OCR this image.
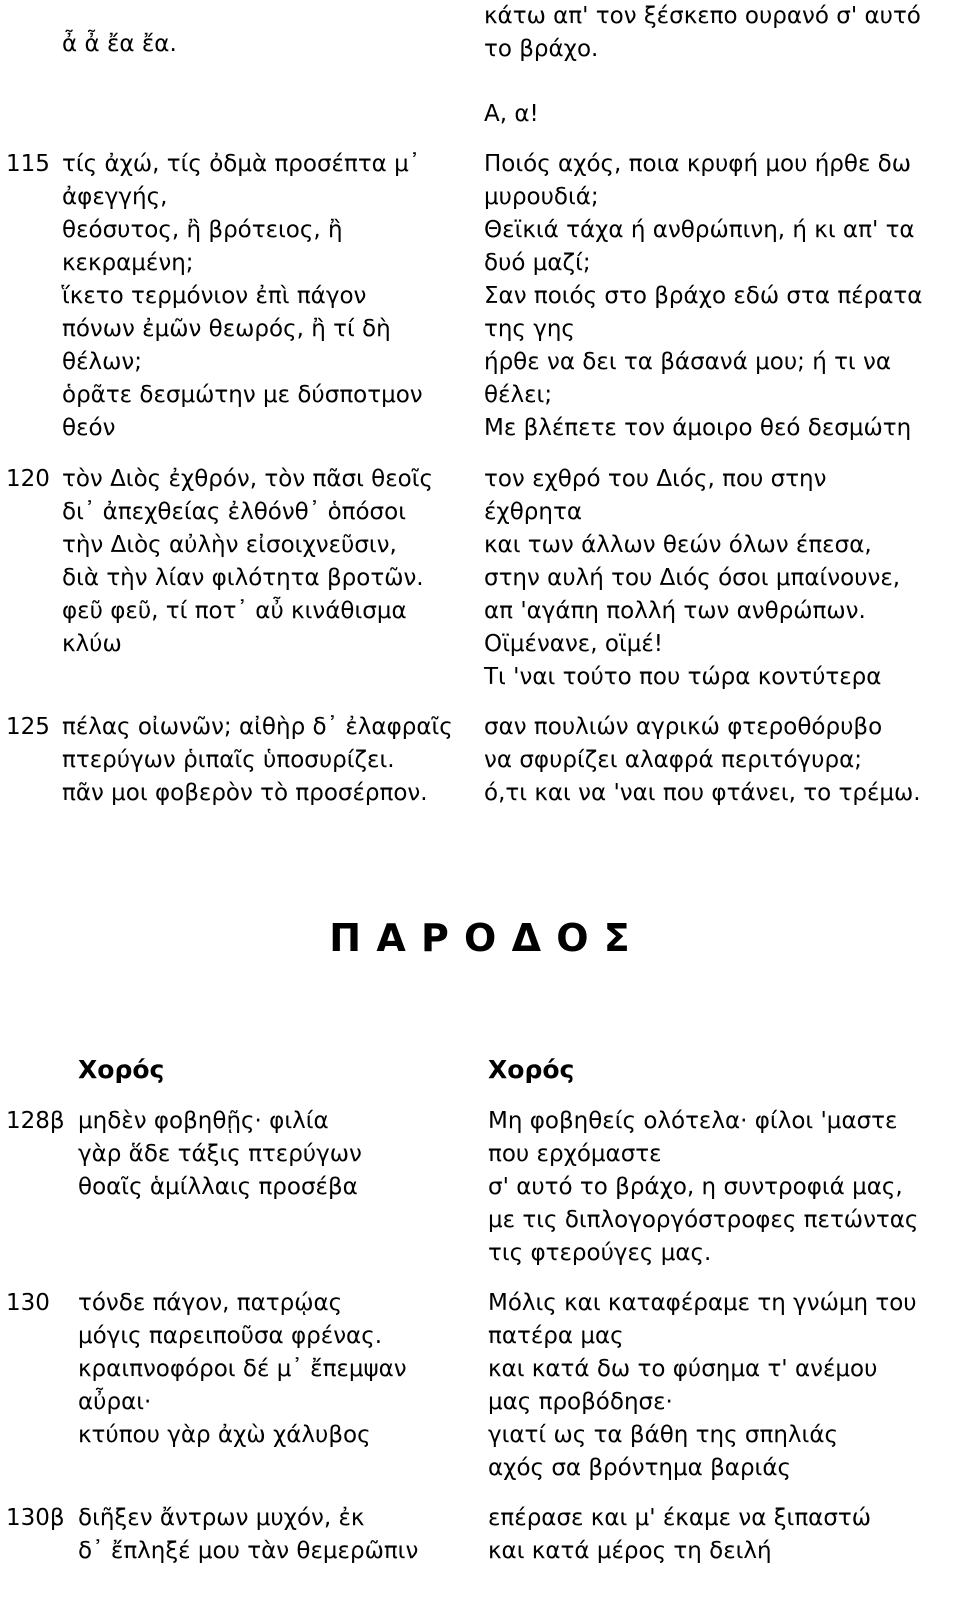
ἆ ἆ ἔα ἔα.
κάτω απ' τον ξέσκεπο ουρανό σ' αυτό
το βράχο.
Α, α!
115 τίς ἀχώ, τίς ὀδμὰ προσέπτα μ᾽
ἀφεγγής,
θεόσυτος, ἢ βρότειος, ἢ
κεκραμένη;
ἵκετο τερμόνιον ἐπὶ πάγον
πόνων ἐμῶν θεωρός, ἢ τί δὴ
θέλων;
ὁρᾶτε δεσμώτην με δύσποτμον
θεόν
Ποιός αχός, ποια κρυφή μου ήρθε δω
μυρουδιά;
Θεϊκιά τάχα ή ανθρώπινη, ή κι απ' τα
δυό μαζί;
Σαν ποιός στο βράχο εδώ στα πέρατα
της γης
ήρθε να δει τα βάσανά μου; ή τι να
θέλει;
Με βλέπετε τον άμοιρο θεό δεσμώτη
120 τὸν Διὸς ἐχθρόν, τὸν πᾶσι θεοῖς
δι᾽ ἀπεχθείας ἐλθόνθ᾽ ὁπόσοι
τὴν Διὸς αὐλὴν εἰσοιχνεῦσιν,
διὰ τὴν λίαν φιλότητα βροτῶν.
φεῦ φεῦ, τί ποτ᾽ αὖ κινάθισμα
κλύω
τον εχθρό του Διός, που στην
έχθρητα
και των άλλων θεών όλων έπεσα,
στην αυλή του Διός όσοι μπαίνουνε,
απ 'αγάπη πολλή των ανθρώπων.
Οϊμένανε, οϊμέ!
Τι 'ναι τούτο που τώρα κοντύτερα
125 πέλας οἰωνῶν; αἰθὴρ δ᾽ ἐλαφραῖς
πτερύγων ῥιπαῖς ὑποσυρίζει.
πᾶν μοι φοβερὸν τὸ προσέρπον.
σαν πουλιών αγρικώ φτεροθόρυβο
να σφυρίζει αλαφρά περιτόγυρα;
ό,τι και να 'ναι που φτάνει, το τρέμω.
Π Α Ρ Ο Δ Ο Σ
Χορός	Χορός
128β μηδὲν φοβηθῇς· φιλία
γὰρ ἅδε τάξις πτερύγων
θοαῖς ἁμίλλαις προσέβα
Μη φοβηθείς ολότελα· φίλοι 'μαστε
που ερχόμαστε
σ' αυτό το βράχο, η συντροφιά μας,
με τις διπλογοργόστροφες πετώντας
τις φτερούγες μας.
130 τόνδε πάγον, πατρῴας
μόγις παρειποῦσα φρένας.
κραιπνοφόροι δέ μ᾽ ἔπεμψαν
αὖραι·
κτύπου γὰρ ἀχὼ χάλυβος
Μόλις και καταφέραμε τη γνώμη του
πατέρα μας
και κατά δω το φύσημα τ' ανέμου
μας προβόδησε·
γιατί ως τα βάθη της σπηλιάς
αχός σα βρόντημα βαριάς
130β διῆξεν ἄντρων μυχόν, ἐκ
δ᾽ ἔπληξέ μου τὰν θεμερῶπιν
επέρασε και μ' έκαμε να ξιπαστώ
και κατά μέρος τη δειλή
